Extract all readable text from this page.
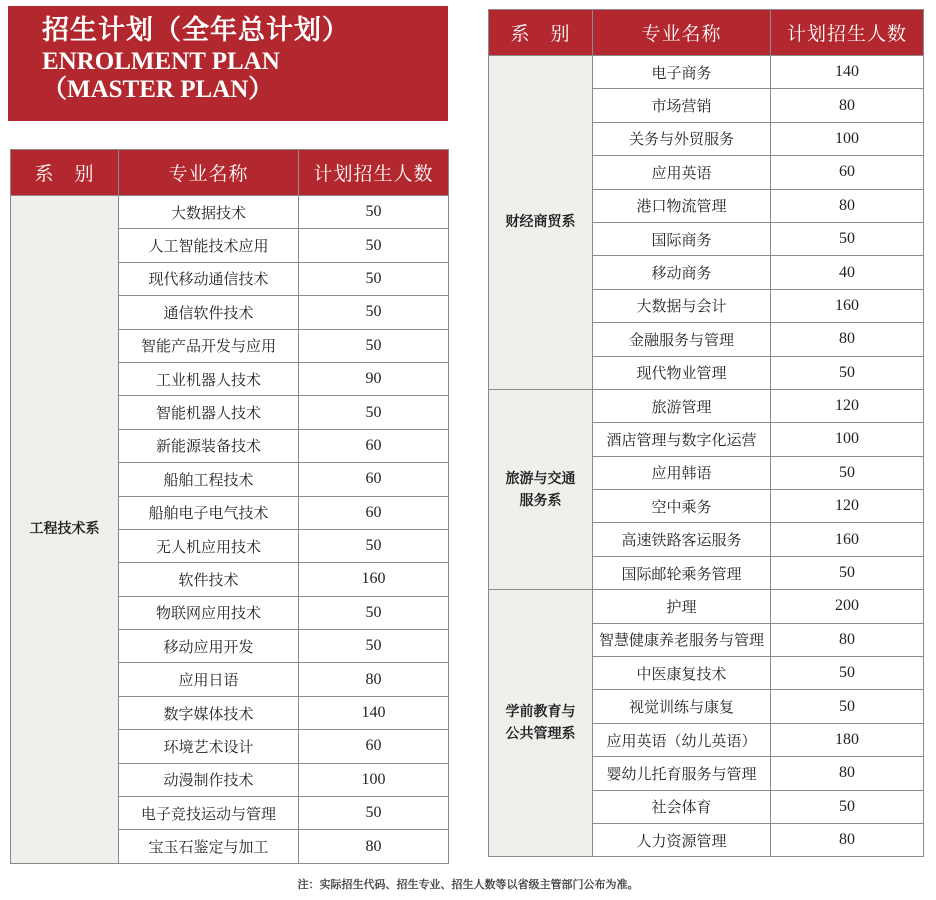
招生计划（全年总计划）
ENROLMENT PLAN
（MASTER PLAN）
系　别	专业名称	计划招生人数
工程技术系	大数据技术	50
	人工智能技术应用	50
	现代移动通信技术	50
	通信软件技术	50
	智能产品开发与应用	50
	工业机器人技术	90
	智能机器人技术	50
	新能源装备技术	60
	船舶工程技术	60
	船舶电子电气技术	60
	无人机应用技术	50
	软件技术	160
	物联网应用技术	50
	移动应用开发	50
	应用日语	80
	数字媒体技术	140
	环境艺术设计	60
	动漫制作技术	100
	电子竞技运动与管理	50
	宝玉石鉴定与加工	80
系　别	专业名称	计划招生人数
财经商贸系	电子商务	140
	市场营销	80
	关务与外贸服务	100
	应用英语	60
	港口物流管理	80
	国际商务	50
	移动商务	40
	大数据与会计	160
	金融服务与管理	80
	现代物业管理	50

旅游与交通
服务系	旅游管理	120
	酒店管理与数字化运营	100
	应用韩语	50
	空中乘务	120
	高速铁路客运服务	160
	国际邮轮乘务管理	50

学前教育与
公共管理系	护理	200
	智慧健康养老服务与管理	80
	中医康复技术	50
	视觉训练与康复	50
	应用英语（幼儿英语）	180
	婴幼儿托育服务与管理	80
	社会体育	50
	人力资源管理	80
注：实际招生代码、招生专业、招生人数等以省级主管部门公布为准。
